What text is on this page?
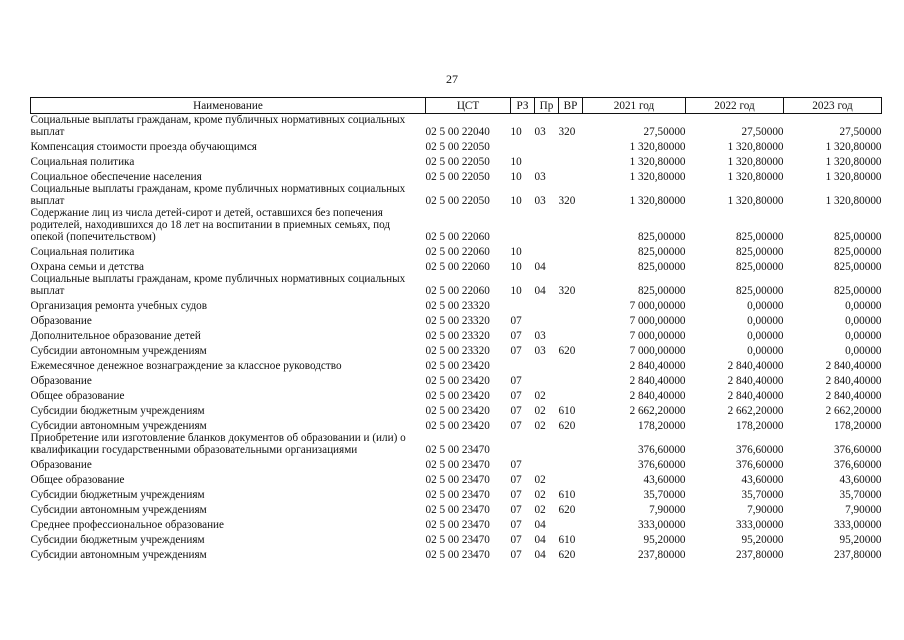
27
Наименование	ЦСТ	РЗ	Пр	ВР	2021 год	2022 год	2023 год
Социальные выплаты гражданам, кроме публичных нормативных социальных выплат	02 5 00 22040	10	03	320	27,50000	27,50000	27,50000
Компенсация стоимости проезда обучающимся	02 5 00 22050				1 320,80000	1 320,80000	1 320,80000
Социальная политика	02 5 00 22050	10			1 320,80000	1 320,80000	1 320,80000
Социальное обеспечение населения	02 5 00 22050	10	03		1 320,80000	1 320,80000	1 320,80000
Социальные выплаты гражданам, кроме публичных нормативных социальных выплат	02 5 00 22050	10	03	320	1 320,80000	1 320,80000	1 320,80000
Содержание лиц из числа детей-сирот и детей, оставшихся без попечения родителей, находившихся до 18 лет на воспитании в приемных семьях, под опекой (попечительством)	02 5 00 22060				825,00000	825,00000	825,00000
Социальная политика	02 5 00 22060	10			825,00000	825,00000	825,00000
Охрана семьи и детства	02 5 00 22060	10	04		825,00000	825,00000	825,00000
Социальные выплаты гражданам, кроме публичных нормативных социальных выплат	02 5 00 22060	10	04	320	825,00000	825,00000	825,00000
Организация ремонта учебных судов	02 5 00 23320				7 000,00000	0,00000	0,00000
Образование	02 5 00 23320	07			7 000,00000	0,00000	0,00000
Дополнительное образование детей	02 5 00 23320	07	03		7 000,00000	0,00000	0,00000
Субсидии автономным учреждениям	02 5 00 23320	07	03	620	7 000,00000	0,00000	0,00000
Ежемесячное денежное вознаграждение за классное руководство	02 5 00 23420				2 840,40000	2 840,40000	2 840,40000
Образование	02 5 00 23420	07			2 840,40000	2 840,40000	2 840,40000
Общее образование	02 5 00 23420	07	02		2 840,40000	2 840,40000	2 840,40000
Субсидии бюджетным учреждениям	02 5 00 23420	07	02	610	2 662,20000	2 662,20000	2 662,20000
Субсидии автономным учреждениям	02 5 00 23420	07	02	620	178,20000	178,20000	178,20000
Приобретение или изготовление бланков документов об образовании и (или) о квалификации государственными образовательными организациями	02 5 00 23470				376,60000	376,60000	376,60000
Образование	02 5 00 23470	07			376,60000	376,60000	376,60000
Общее образование	02 5 00 23470	07	02		43,60000	43,60000	43,60000
Субсидии бюджетным учреждениям	02 5 00 23470	07	02	610	35,70000	35,70000	35,70000
Субсидии автономным учреждениям	02 5 00 23470	07	02	620	7,90000	7,90000	7,90000
Среднее профессиональное образование	02 5 00 23470	07	04		333,00000	333,00000	333,00000
Субсидии бюджетным учреждениям	02 5 00 23470	07	04	610	95,20000	95,20000	95,20000
Субсидии автономным учреждениям	02 5 00 23470	07	04	620	237,80000	237,80000	237,80000
